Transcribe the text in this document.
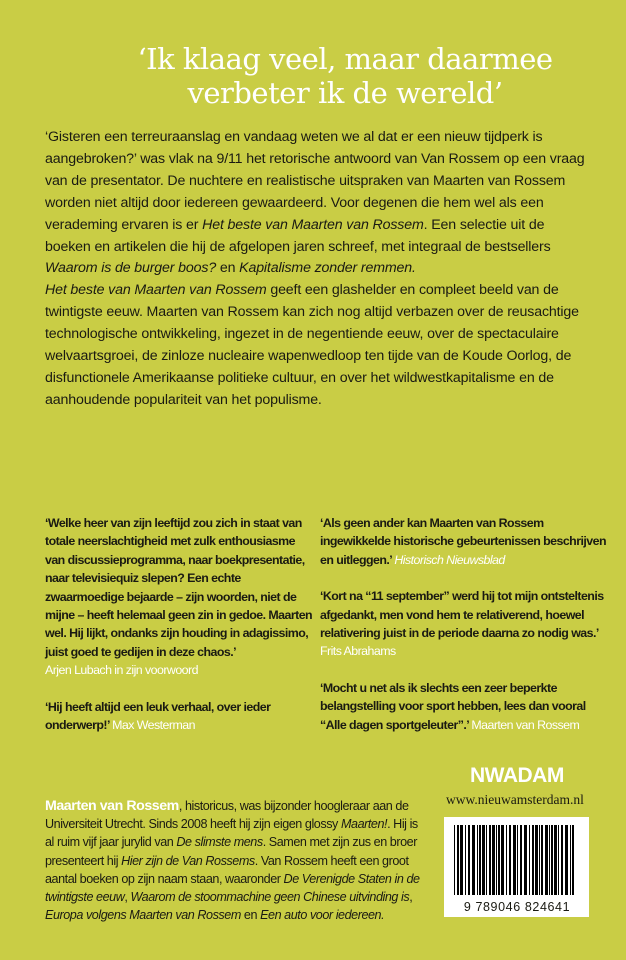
‘Ik klaag veel, maar daarmee
verbeter ik de wereld’

‘Gisteren een terreuraanslag en vandaag weten we al dat er een nieuw tijdperk is aangebroken?’ was vlak na 9/11 het retorische antwoord van Van Rossem op een vraag van de presentator. De nuchtere en realistische uitspraken van Maarten van Rossem worden niet altijd door iedereen gewaardeerd. Voor degenen die hem wel als een verademing ervaren is er Het beste van Maarten van Rossem. Een selectie uit de boeken en artikelen die hij de afgelopen jaren schreef, met integraal de bestsellers Waarom is de burger boos? en Kapitalisme zonder remmen.

Het beste van Maarten van Rossem geeft een glashelder en compleet beeld van de twintigste eeuw. Maarten van Rossem kan zich nog altijd verbazen over de reusachtige technologische ontwikkeling, ingezet in de negentiende eeuw, over de spectaculaire welvaartsgroei, de zinloze nucleaire wapenwedloop ten tijde van de Koude Oorlog, de disfunctionele Amerikaanse politieke cultuur, en over het wildwestkapitalisme en de aanhoudende populariteit van het populisme.

‘Welke heer van zijn leeftijd zou zich in staat van totale neerslachtigheid met zulk enthousiasme van discussieprogramma, naar boekpresentatie, naar televisiequiz slepen? Een echte zwaarmoedige bejaarde – zijn woorden, niet de mijne – heeft helemaal geen zin in gedoe. Maarten wel. Hij lijkt, ondanks zijn houding in adagissimo, juist goed te gedijen in deze chaos.’
Arjen Lubach in zijn voorwoord

‘Hij heeft altijd een leuk verhaal, over ieder onderwerp!’ Max Westerman

‘Als geen ander kan Maarten van Rossem ingewikkelde historische gebeurtenissen beschrijven en uitleggen.’ Historisch Nieuwsblad

‘Kort na “11 september” werd hij tot mijn ontsteltenis afgedankt, men vond hem te relativerend, hoewel relativering juist in de periode daarna zo nodig was.’ Frits Abrahams

‘Mocht u net als ik slechts een zeer beperkte belangstelling voor sport hebben, lees dan vooral “Alle dagen sportgeleuter”.’ Maarten van Rossem

Maarten van Rossem, historicus, was bijzonder hoogleraar aan de Universiteit Utrecht. Sinds 2008 heeft hij zijn eigen glossy Maarten!. Hij is al ruim vijf jaar jurylid van De slimste mens. Samen met zijn zus en broer presenteert hij Hier zijn de Van Rossems. Van Rossem heeft een groot aantal boeken op zijn naam staan, waaronder De Verenigde Staten in de twintigste eeuw, Waarom de stoommachine geen Chinese uitvinding is, Europa volgens Maarten van Rossem en Een auto voor iedereen.
NWADAM
www.nieuwamsterdam.nl
9 789046 824641
